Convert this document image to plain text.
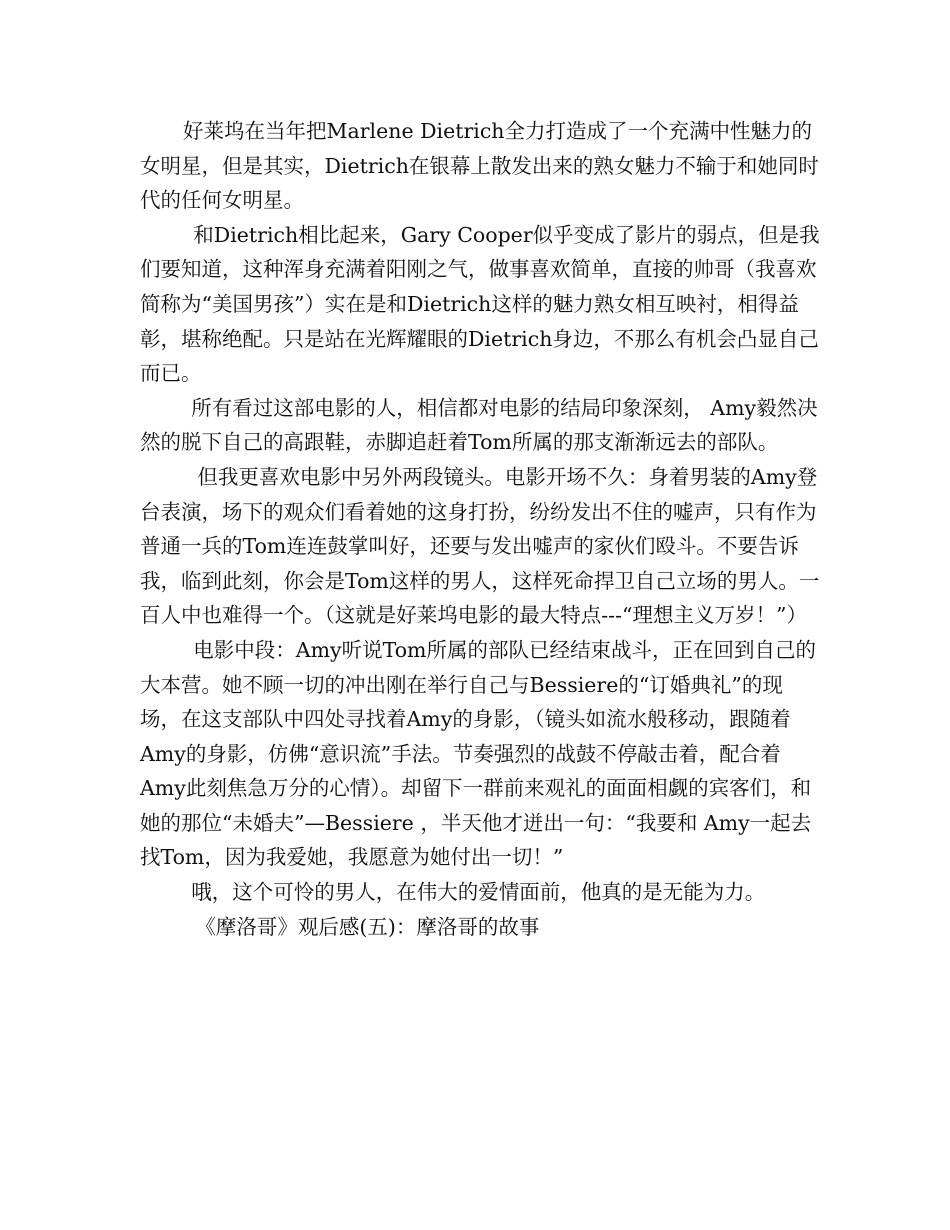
好莱坞在当年把Marlene Dietrich全力打造成了一个充满中性魅力的女明星，但是其实，Dietrich在银幕上散发出来的熟女魅力不输于和她同时代的任何女明星。

和Dietrich相比起来，Gary Cooper似乎变成了影片的弱点，但是我们要知道，这种浑身充满着阳刚之气，做事喜欢简单，直接的帅哥（我喜欢简称为“美国男孩”）实在是和Dietrich这样的魅力熟女相互映衬，相得益彰，堪称绝配。只是站在光辉耀眼的Dietrich身边，不那么有机会凸显自己而已。

所有看过这部电影的人，相信都对电影的结局印象深刻， Amy毅然决然的脱下自己的高跟鞋，赤脚追赶着Tom所属的那支渐渐远去的部队。

但我更喜欢电影中另外两段镜头。电影开场不久：身着男装的Amy登台表演，场下的观众们看着她的这身打扮，纷纷发出不住的嘘声，只有作为普通一兵的Tom连连鼓掌叫好，还要与发出嘘声的家伙们殴斗。不要告诉我，临到此刻，你会是Tom这样的男人，这样死命捍卫自己立场的男人。一百人中也难得一个。（这就是好莱坞电影的最大特点---“理想主义万岁！”）

电影中段：Amy听说Tom所属的部队已经结束战斗，正在回到自己的大本营。她不顾一切的冲出刚在举行自己与Bessiere的“订婚典礼”的现场，在这支部队中四处寻找着Amy的身影，（镜头如流水般移动，跟随着Amy的身影，仿佛“意识流”手法。节奏强烈的战鼓不停敲击着，配合着Amy此刻焦急万分的心情）。却留下一群前来观礼的面面相觑的宾客们，和她的那位“未婚夫”—Bessiere ，半天他才迸出一句：“我要和 Amy一起去找Tom，因为我爱她，我愿意为她付出一切！”

哦，这个可怜的男人，在伟大的爱情面前，他真的是无能为力。

《摩洛哥》观后感(五)：摩洛哥的故事
